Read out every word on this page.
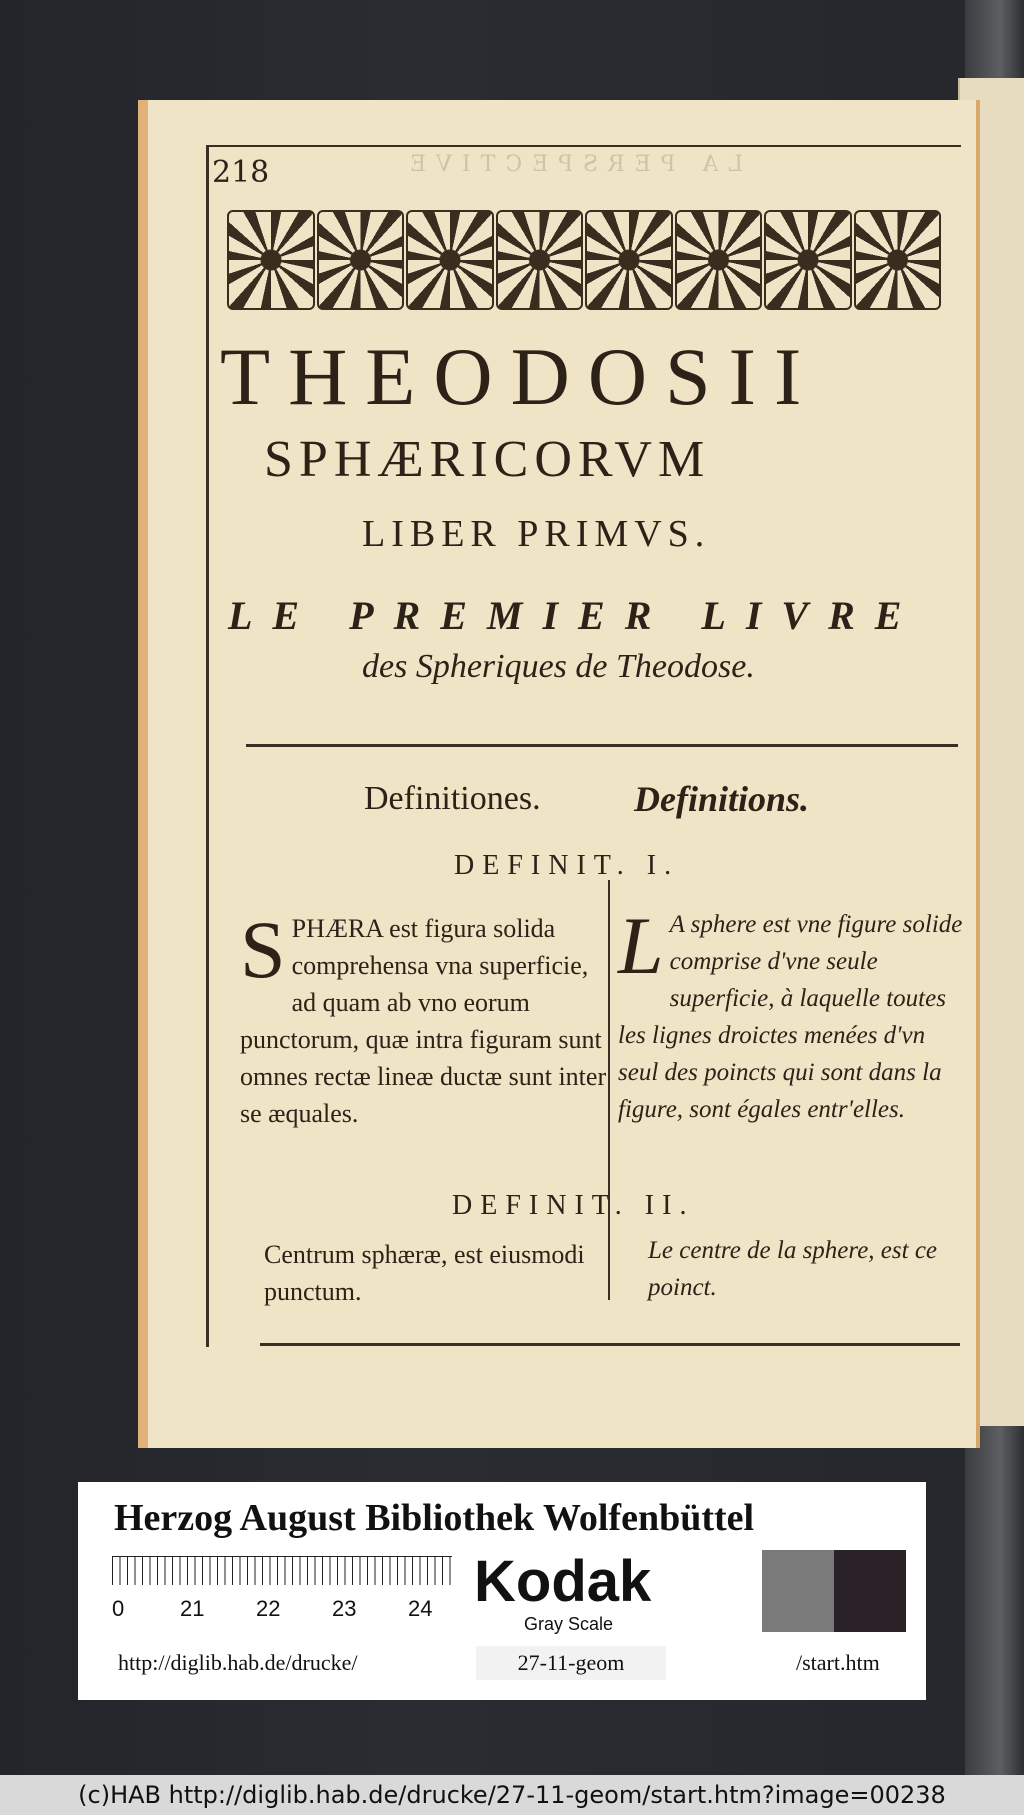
218	LA PERSPECTIVE
THEODOSII
SPHÆRICORVM
LIBER PRIMVS.
LE PREMIER LIVRE
des Spheriques de Theodose.
Definitiones.	Definitions.
DEFINIT. I.
SPHÆRA est figura solida comprehensa vna superficie, ad quam ab vno eorum punctorum, quæ intra figuram sunt omnes rectæ lineæ ductæ sunt inter se æquales.
L A sphere est vne figure solide comprise d'vne seule superficie, à laquelle toutes les lignes droictes menées d'vn seul des poincts qui sont dans la figure, sont égales entr'elles.
DEFINIT. II.
Centrum sphæræ, est eiusmodi punctum.
Le centre de la sphere, est ce poinct.
Herzog August Bibliothek Wolfenbüttel
0	21 22 23 24 Kodak
Gray Scale
http://diglib.hab.de/drucke/	27-11-geom	/start.htm
(c)HAB http://diglib.hab.de/drucke/27-11-geom/start.htm?image=00238
